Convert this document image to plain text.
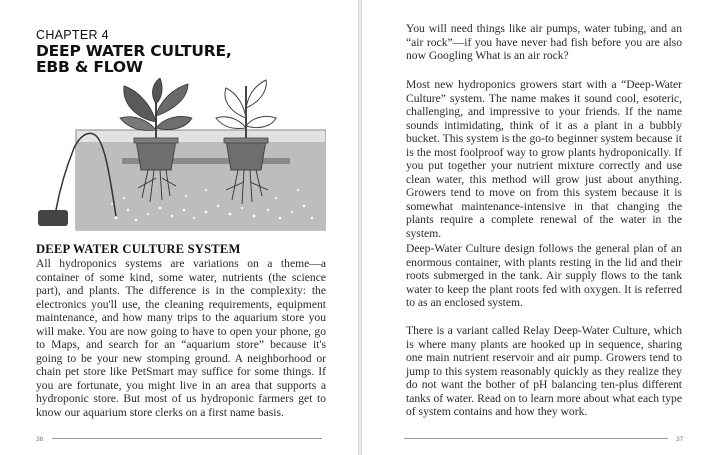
CHAPTER 4
DEEP WATER CULTURE,
EBB & FLOW
DEEP WATER CULTURE SYSTEM

All hydroponics systems are variations on a theme—a container of some kind, some water, nutrients (the science part), and plants. The difference is in the complexity: the electronics you'll use, the cleaning requirements, equipment maintenance, and how many trips to the aquarium store you will make. You are now going to have to open your phone, go to Maps, and search for an “aquarium store” because it's going to be your new stomping ground. A neighborhood or chain pet store like PetSmart may suffice for some things. If you are fortunate, you might live in an area that supports a hydroponic store. But most of us hydroponic farmers get to know our aquarium store clerks on a first name basis.

36

You will need things like air pumps, water tubing, and an “air rock”—if you have never had fish before you are also now Googling What is an air rock?

Most new hydroponics growers start with a “Deep-Water Culture” system. The name makes it sound cool, esoteric, challenging, and impressive to your friends. If the name sounds intimidating, think of it as a plant in a bubbly bucket. This system is the go-to beginner system because it is the most foolproof way to grow plants hydroponically. If you put together your nutrient mixture correctly and use clean water, this method will grow just about anything. Growers tend to move on from this system because it is somewhat maintenance-intensive in that changing the plants require a complete renewal of the water in the system.

Deep-Water Culture design follows the general plan of an enormous container, with plants resting in the lid and their roots submerged in the tank. Air supply flows to the tank water to keep the plant roots fed with oxygen. It is referred to as an enclosed system.

There is a variant called Relay Deep-Water Culture, which is where many plants are hooked up in sequence, sharing one main nutrient reservoir and air pump. Growers tend to jump to this system reasonably quickly as they realize they do not want the bother of pH balancing ten-plus different tanks of water. Read on to learn more about what each type of system contains and how they work.

37
